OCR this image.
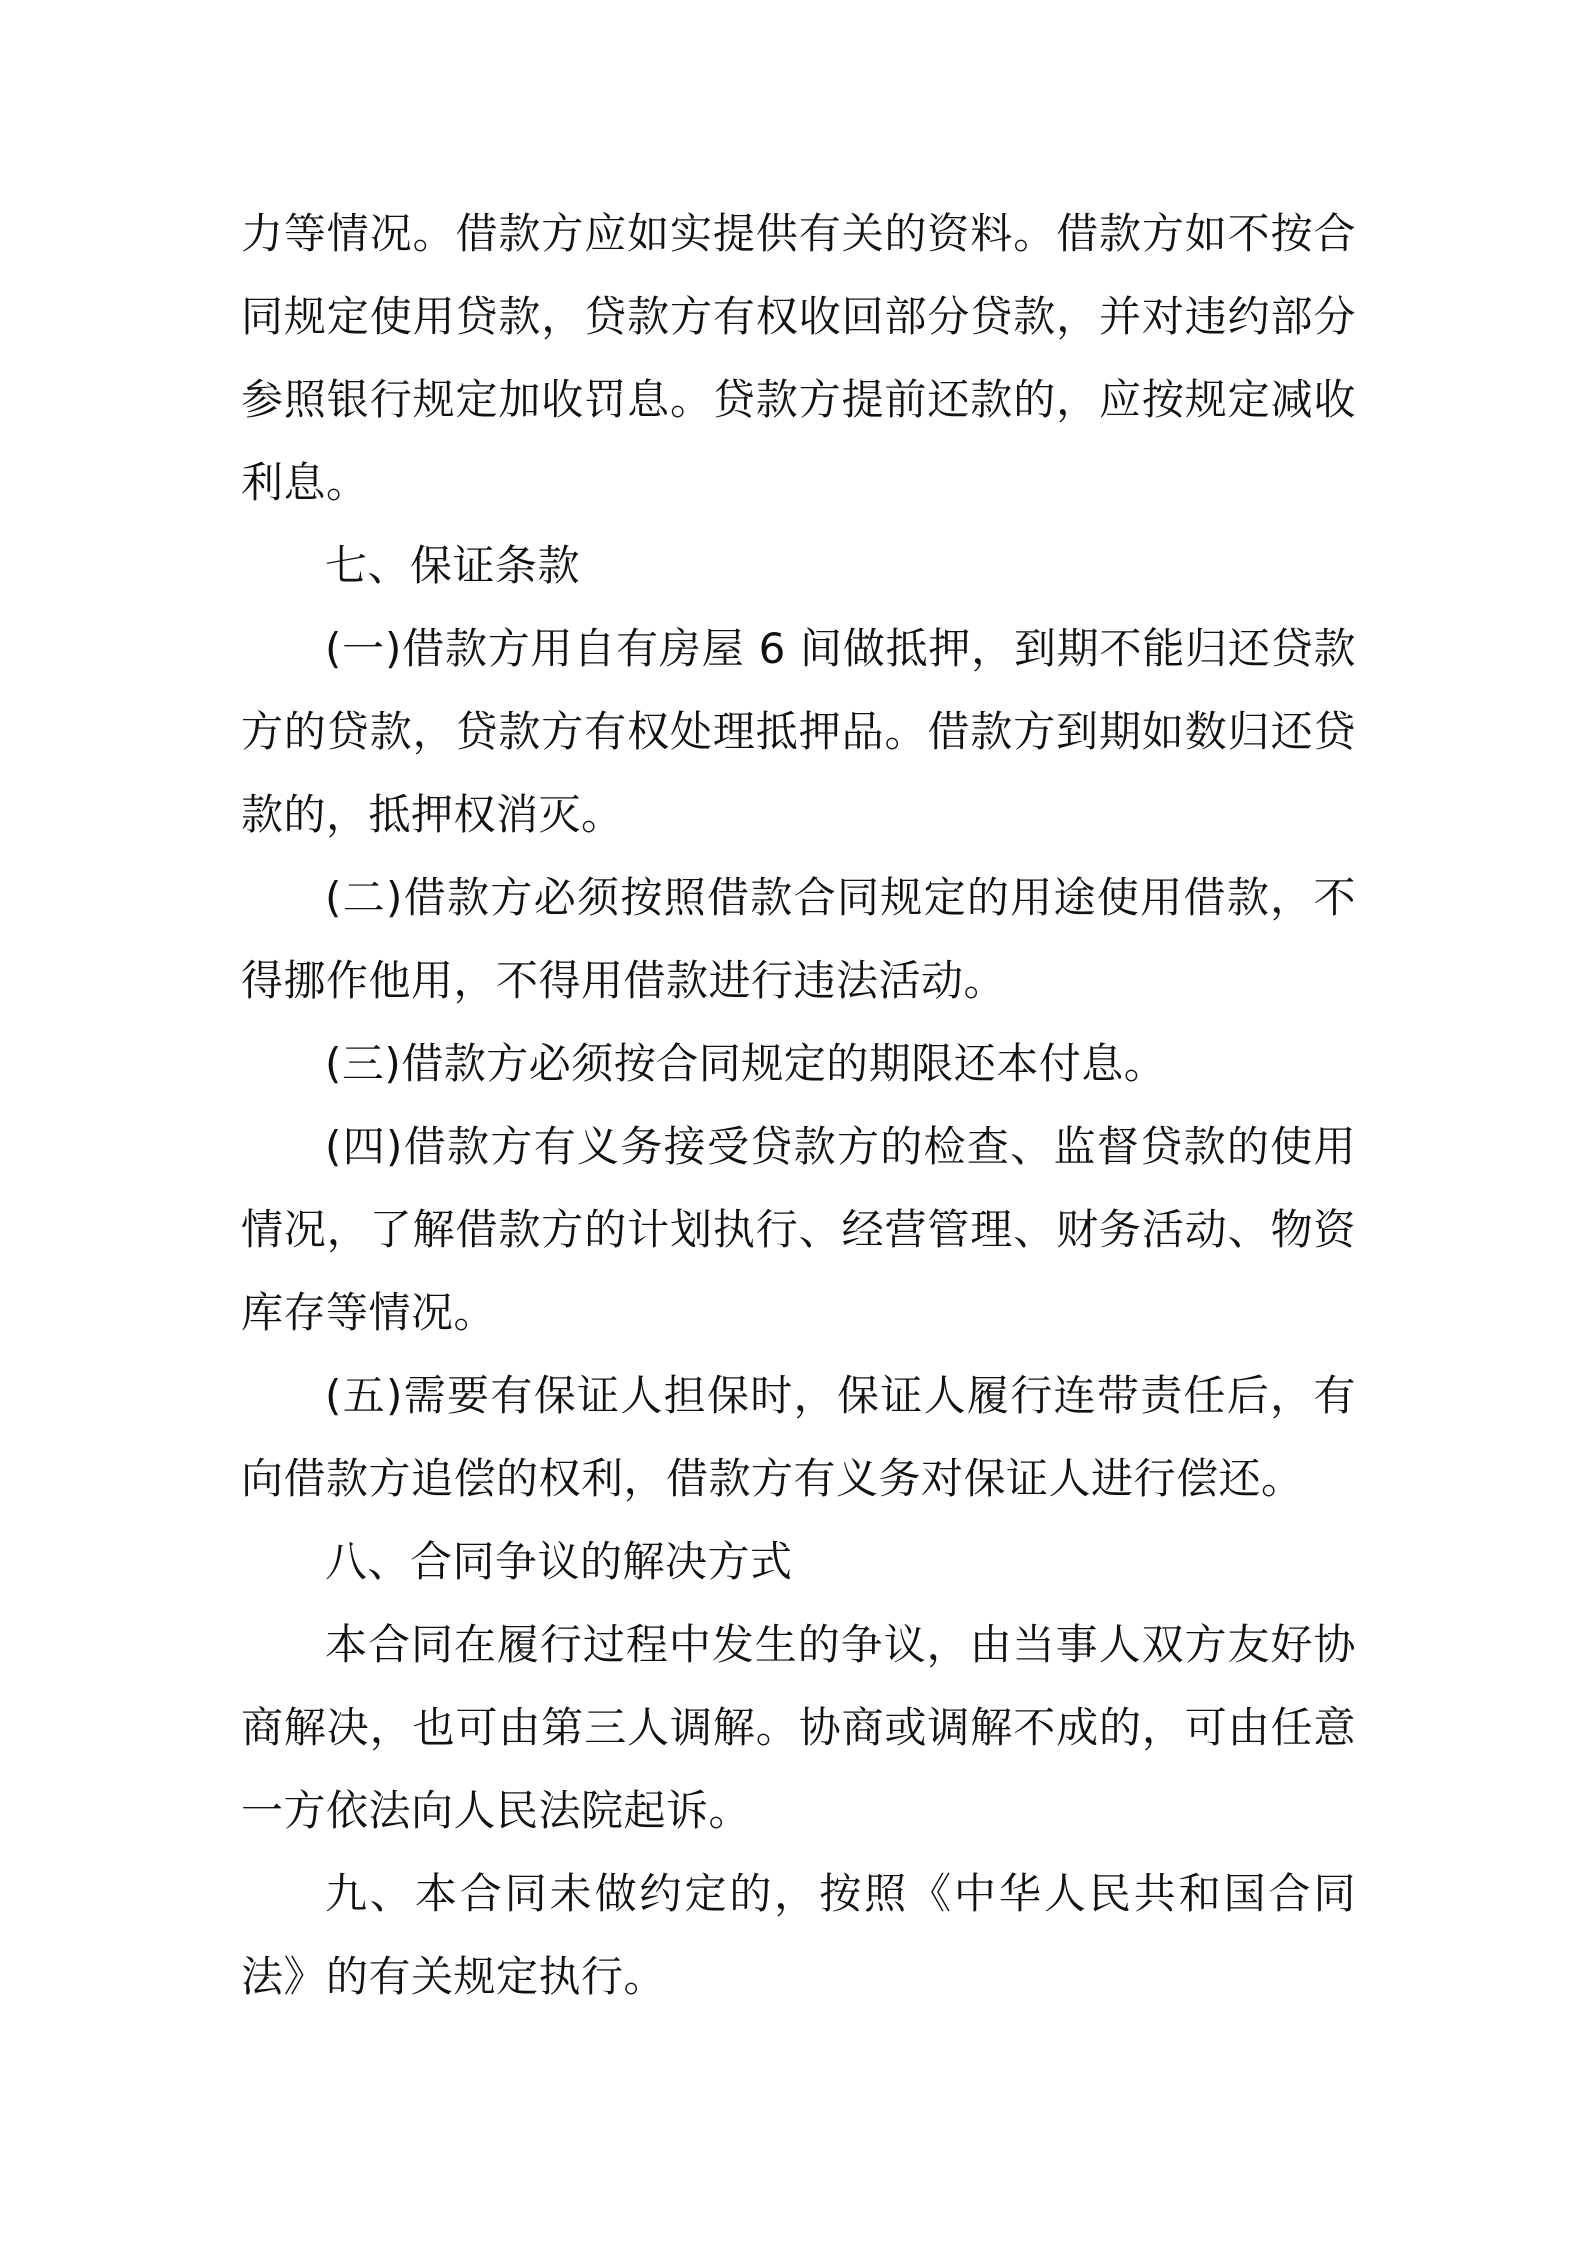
力等情况。借款方应如实提供有关的资料。借款方如不按合同规定使用贷款，贷款方有权收回部分贷款，并对违约部分参照银行规定加收罚息。贷款方提前还款的，应按规定减收利息。

七、保证条款

(一)借款方用自有房屋 6 间做抵押，到期不能归还贷款方的贷款，贷款方有权处理抵押品。借款方到期如数归还贷款的，抵押权消灭。

(二)借款方必须按照借款合同规定的用途使用借款，不得挪作他用，不得用借款进行违法活动。

(三)借款方必须按合同规定的期限还本付息。

(四)借款方有义务接受贷款方的检查、监督贷款的使用情况，了解借款方的计划执行、经营管理、财务活动、物资库存等情况。

(五)需要有保证人担保时，保证人履行连带责任后，有向借款方追偿的权利，借款方有义务对保证人进行偿还。

八、合同争议的解决方式

本合同在履行过程中发生的争议，由当事人双方友好协商解决，也可由第三人调解。协商或调解不成的，可由任意一方依法向人民法院起诉。

九、本合同未做约定的，按照《中华人民共和国合同法》的有关规定执行。
